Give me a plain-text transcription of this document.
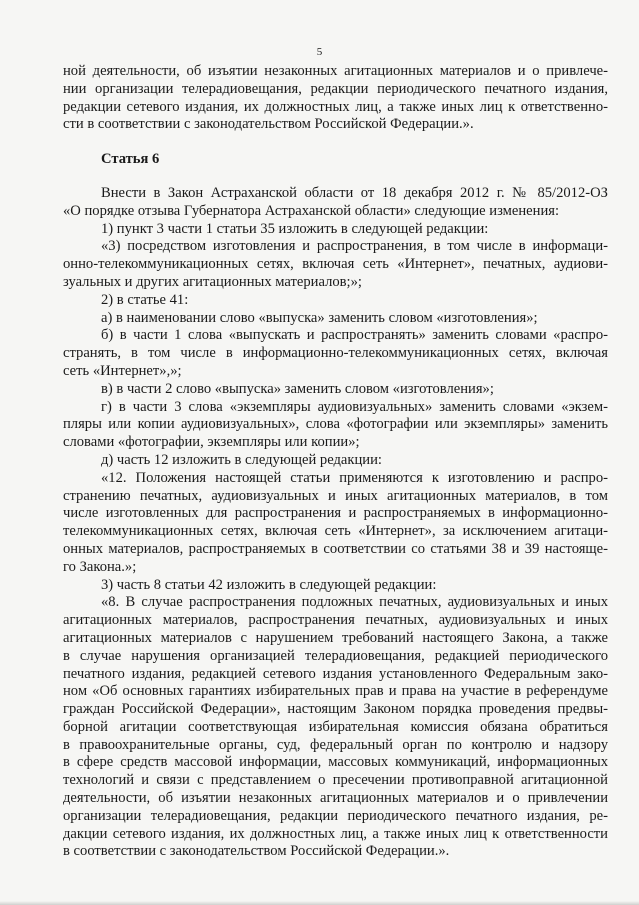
5
ной деятельности, об изъятии незаконных агитационных материалов и о привлече-
нии организации телерадиовещания, редакции периодического печатного издания,
редакции сетевого издания, их должностных лиц, а также иных лиц к ответственно-
сти в соответствии с законодательством Российской Федерации.».
Статья 6
Внести в Закон Астраханской области от 18 декабря 2012 г. № 85/2012-ОЗ
«О порядке отзыва Губернатора Астраханской области» следующие изменения:
1) пункт 3 части 1 статьи 35 изложить в следующей редакции:
«3) посредством изготовления и распространения, в том числе в информаци-
онно-телекоммуникационных сетях, включая сеть «Интернет», печатных, аудиови-
зуальных и других агитационных материалов;»;
2) в статье 41:
а) в наименовании слово «выпуска» заменить словом «изготовления»;
б) в части 1 слова «выпускать и распространять» заменить словами «распро-
странять, в том числе в информационно-телекоммуникационных сетях, включая
сеть «Интернет»,»;
в) в части 2 слово «выпуска» заменить словом «изготовления»;
г) в части 3 слова «экземпляры аудиовизуальных» заменить словами «экзем-
пляры или копии аудиовизуальных», слова «фотографии или экземпляры» заменить
словами «фотографии, экземпляры или копии»;
д) часть 12 изложить в следующей редакции:
«12. Положения настоящей статьи применяются к изготовлению и распро-
странению печатных, аудиовизуальных и иных агитационных материалов, в том
числе изготовленных для распространения и распространяемых в информационно-
телекоммуникационных сетях, включая сеть «Интернет», за исключением агитаци-
онных материалов, распространяемых в соответствии со статьями 38 и 39 настояще-
го Закона.»;
3) часть 8 статьи 42 изложить в следующей редакции:
«8. В случае распространения подложных печатных, аудиовизуальных и иных
агитационных материалов, распространения печатных, аудиовизуальных и иных
агитационных материалов с нарушением требований настоящего Закона, а также
в случае нарушения организацией телерадиовещания, редакцией периодического
печатного издания, редакцией сетевого издания установленного Федеральным зако-
ном «Об основных гарантиях избирательных прав и права на участие в референдуме
граждан Российской Федерации», настоящим Законом порядка проведения предвы-
борной агитации соответствующая избирательная комиссия обязана обратиться
в правоохранительные органы, суд, федеральный орган по контролю и надзору
в сфере средств массовой информации, массовых коммуникаций, информационных
технологий и связи с представлением о пресечении противоправной агитационной
деятельности, об изъятии незаконных агитационных материалов и о привлечении
организации телерадиовещания, редакции периодического печатного издания, ре-
дакции сетевого издания, их должностных лиц, а также иных лиц к ответственности
в соответствии с законодательством Российской Федерации.».
